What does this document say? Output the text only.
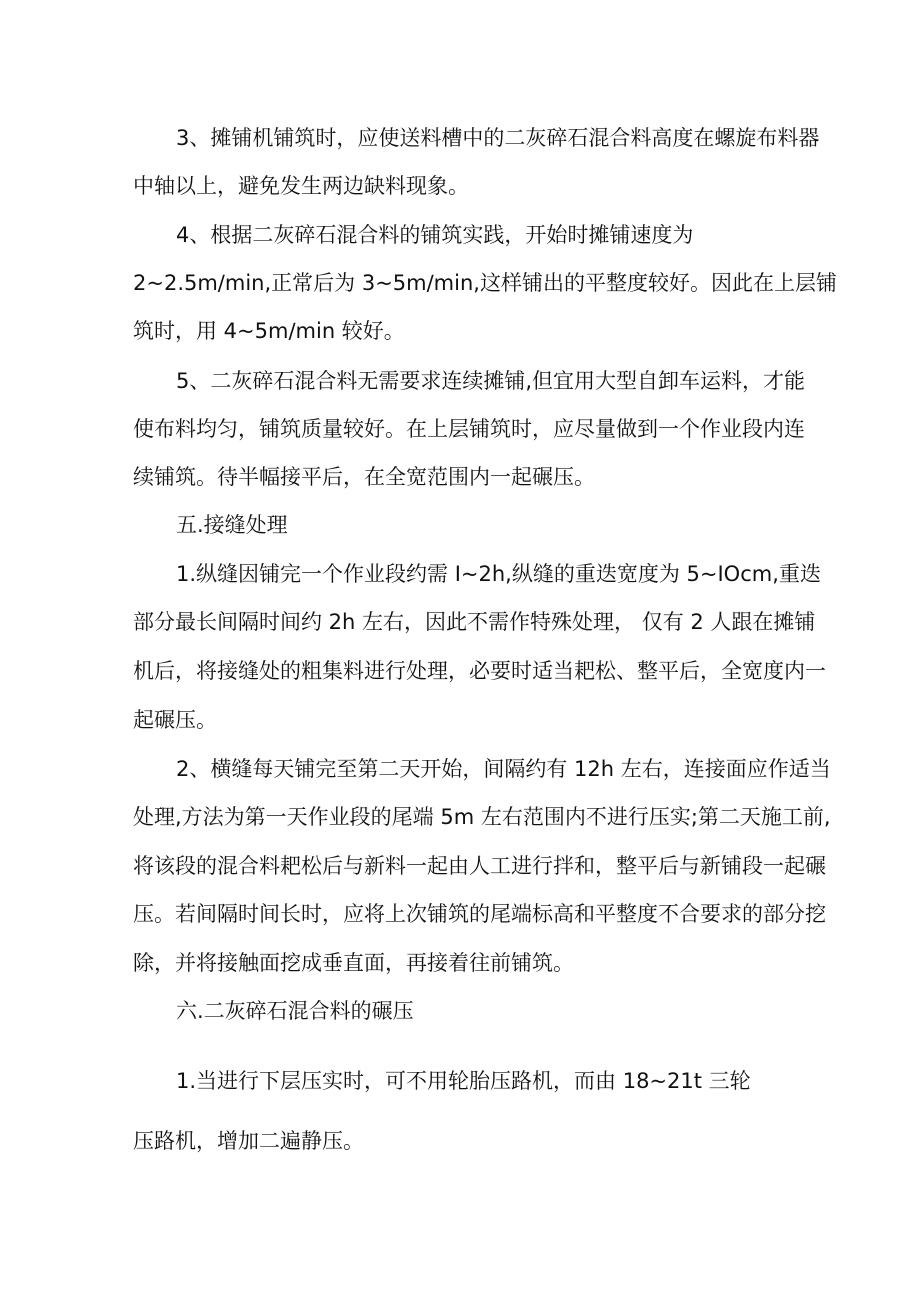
3、摊铺机铺筑时，应使送料槽中的二灰碎石混合料高度在螺旋布料器
中轴以上，避免发生两边缺料现象。
4、根据二灰碎石混合料的铺筑实践，开始时摊铺速度为
2~2.5m∕min,正常后为 3~5m∕min,这样铺出的平整度较好。因此在上层铺
筑时，用 4~5m∕min 较好。
5、二灰碎石混合料无需要求连续摊铺,但宜用大型自卸车运料，才能
使布料均匀，铺筑质量较好。在上层铺筑时，应尽量做到一个作业段内连
续铺筑。待半幅接平后，在全宽范围内一起碾压。
五.接缝处理
1.纵缝因铺完一个作业段约需 I~2h,纵缝的重迭宽度为 5~IOcm,重迭
部分最长间隔时间约 2h 左右，因此不需作特殊处理， 仅有 2 人跟在摊铺
机后，将接缝处的粗集料进行处理，必要时适当耙松、整平后，全宽度内一
起碾压。
2、横缝每天铺完至第二天开始，间隔约有 12h 左右，连接面应作适当
处理,方法为第一天作业段的尾端 5m 左右范围内不进行压实;第二天施工前,
将该段的混合料耙松后与新料一起由人工进行拌和，整平后与新铺段一起碾
压。若间隔时间长时，应将上次铺筑的尾端标高和平整度不合要求的部分挖
除，并将接触面挖成垂直面，再接着往前铺筑。
六.二灰碎石混合料的碾压
1.当进行下层压实时，可不用轮胎压路机，而由 18~21t 三轮
压路机，增加二遍静压。
